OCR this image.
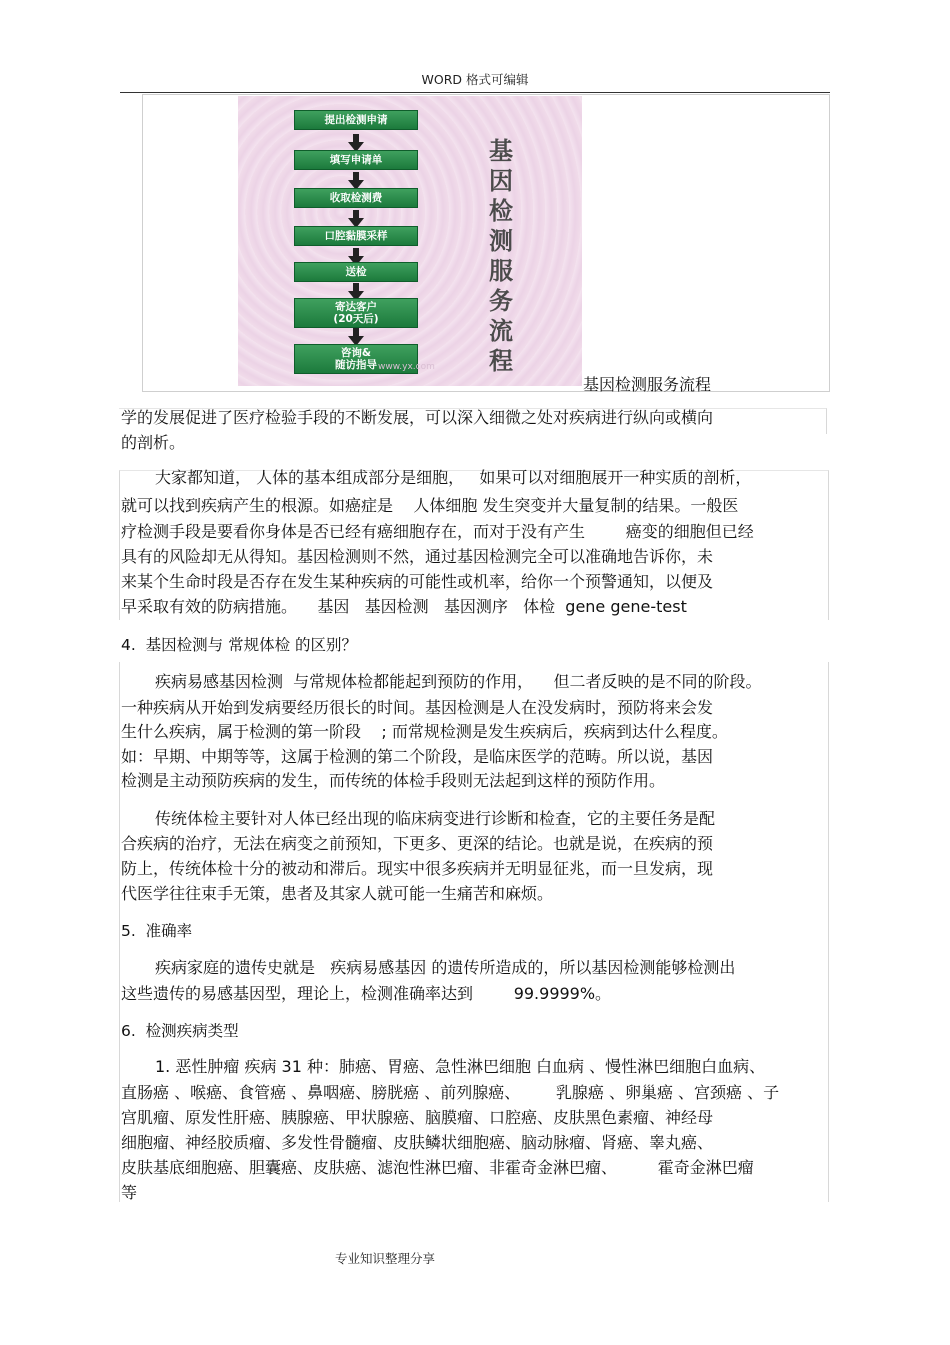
WORD 格式可编辑
提出检测申请
填写申请单
收取检测费
口腔黏膜采样
送检
寄达客户
(20天后)
咨询&
随访指导
基因检测服务流程
www.yx.com
基因检测服务流程
学的发展促进了医疗检验手段的不断发展，可以深入细微之处对疾病进行纵向或横向
的剖析。
大家都知道， 人体的基本组成部分是细胞，   如果可以对细胞展开一种实质的剖析，
就可以找到疾病产生的根源。如癌症是    人体细胞 发生突变并大量复制的结果。一般医
疗检测手段是要看你身体是否已经有癌细胞存在，而对于没有产生        癌变的细胞但已经
具有的风险却无从得知。基因检测则不然，通过基因检测完全可以准确地告诉你，未
来某个生命时段是否存在发生某种疾病的可能性或机率，给你一个预警通知，以便及
早采取有效的防病措施。    基因   基因检测   基因测序   体检  gene gene-test
4.  基因检测与 常规体检 的区别？
疾病易感基因检测  与常规体检都能起到预防的作用，    但二者反映的是不同的阶段。
一种疾病从开始到发病要经历很长的时间。基因检测是人在没发病时，预防将来会发
生什么疾病，属于检测的第一阶段    ; 而常规检测是发生疾病后，疾病到达什么程度。
如：早期、中期等等，这属于检测的第二个阶段，是临床医学的范畴。所以说，基因
检测是主动预防疾病的发生，而传统的体检手段则无法起到这样的预防作用。
传统体检主要针对人体已经出现的临床病变进行诊断和检查，它的主要任务是配
合疾病的治疗，无法在病变之前预知，下更多、更深的结论。也就是说，在疾病的预
防上，传统体检十分的被动和滞后。现实中很多疾病并无明显征兆，而一旦发病，现
代医学往往束手无策，患者及其家人就可能一生痛苦和麻烦。
5.  准确率
疾病家庭的遗传史就是   疾病易感基因 的遗传所造成的，所以基因检测能够检测出
这些遗传的易感基因型，理论上，检测准确率达到        99.9999%。
6.  检测疾病类型
1. 恶性肿瘤 疾病 31 种：肺癌、胃癌、急性淋巴细胞 白血病 、慢性淋巴细胞白血病、
直肠癌 、喉癌、食管癌 、鼻咽癌、膀胱癌 、前列腺癌、       乳腺癌 、卵巢癌 、宫颈癌 、子
宫肌瘤、原发性肝癌、胰腺癌、甲状腺癌、脑膜瘤、口腔癌、皮肤黑色素瘤、神经母
细胞瘤、神经胶质瘤、多发性骨髓瘤、皮肤鳞状细胞癌、脑动脉瘤、肾癌、睾丸癌、
皮肤基底细胞癌、胆囊癌、皮肤癌、滤泡性淋巴瘤、非霍奇金淋巴瘤、        霍奇金淋巴瘤
等
专业知识整理分享
